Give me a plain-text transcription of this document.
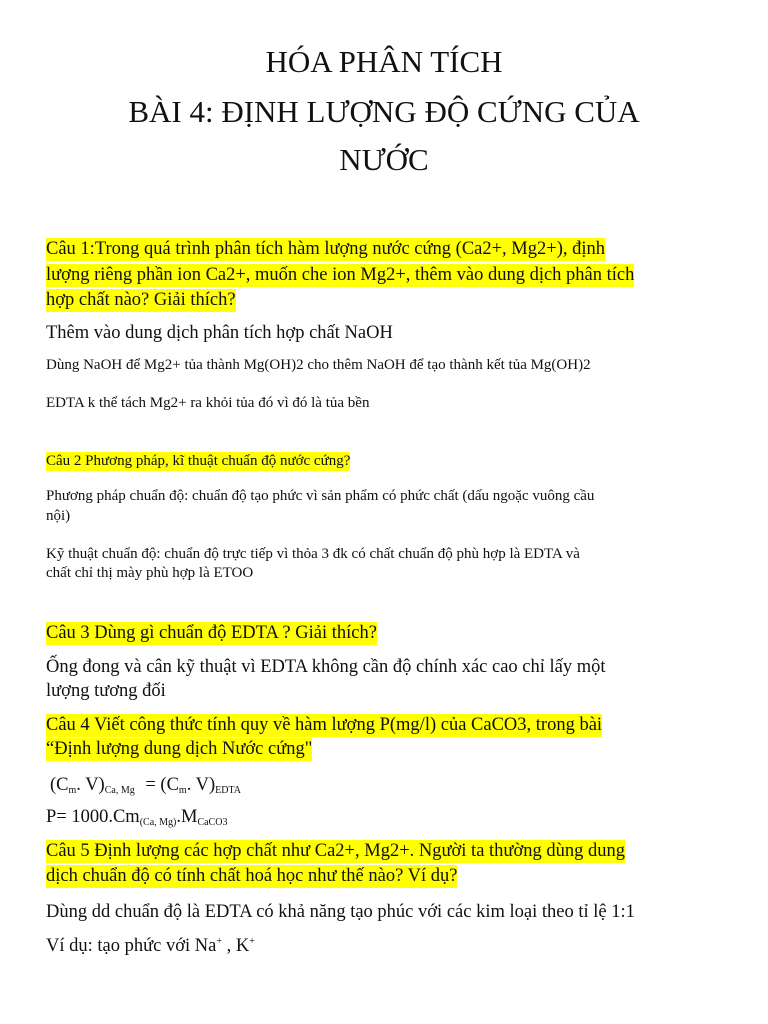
HÓA PHÂN TÍCH
BÀI 4: ĐỊNH LƯỢNG ĐỘ CỨNG CỦA
NƯỚC
Câu 1:Trong quá trình phân tích hàm lượng nước cứng (Ca2+, Mg2+), định
lượng riêng phần ion Ca2+, muốn che ion Mg2+, thêm vào dung dịch phân tích
hợp chất nào? Giải thích?
Thêm vào dung dịch phân tích hợp chất NaOH
Dùng NaOH để Mg2+ tủa thành Mg(OH)2 cho thêm NaOH để tạo thành kết tủa Mg(OH)2
EDTA k thể tách Mg2+ ra khỏi tủa đó vì đó là tủa bền
Câu 2 Phương pháp, kĩ thuật chuẩn độ nước cứng?
Phương pháp chuẩn độ: chuẩn độ tạo phức vì sản phẩm có phức chất (dấu ngoặc vuông cầu
nội)
Kỹ thuật chuẩn độ: chuẩn độ trực tiếp vì thỏa 3 đk có chất chuẩn độ phù hợp là EDTA và
chất chỉ thị mày phù hợp là ETOO
Câu 3 Dùng gì chuẩn độ EDTA ? Giải thích?
Ống đong và cân kỹ thuật vì EDTA không cần độ chính xác cao chỉ lấy một
lượng tương đối
Câu 4 Viết công thức tính quy về hàm lượng P(mg/l) của CaCO3, trong bài
“Định lượng dung dịch Nước cứng"
($C_m$. $V)_{Ca, Mg} = (C_m$. $V)_{EDTA}$
$P= 1000.Cm_{(Ca, Mg)}.M_{CaCO3}$
Câu 5 Định lượng các hợp chất như Ca2+, Mg2+. Người ta thường dùng dung
dịch chuẩn độ có tính chất hoá học như thế nào? Ví dụ?
Dùng dd chuẩn độ là EDTA có khả năng tạo phúc với các kim loại theo tỉ lệ 1:1
Ví dụ: tạo phức với Na+ , K+
